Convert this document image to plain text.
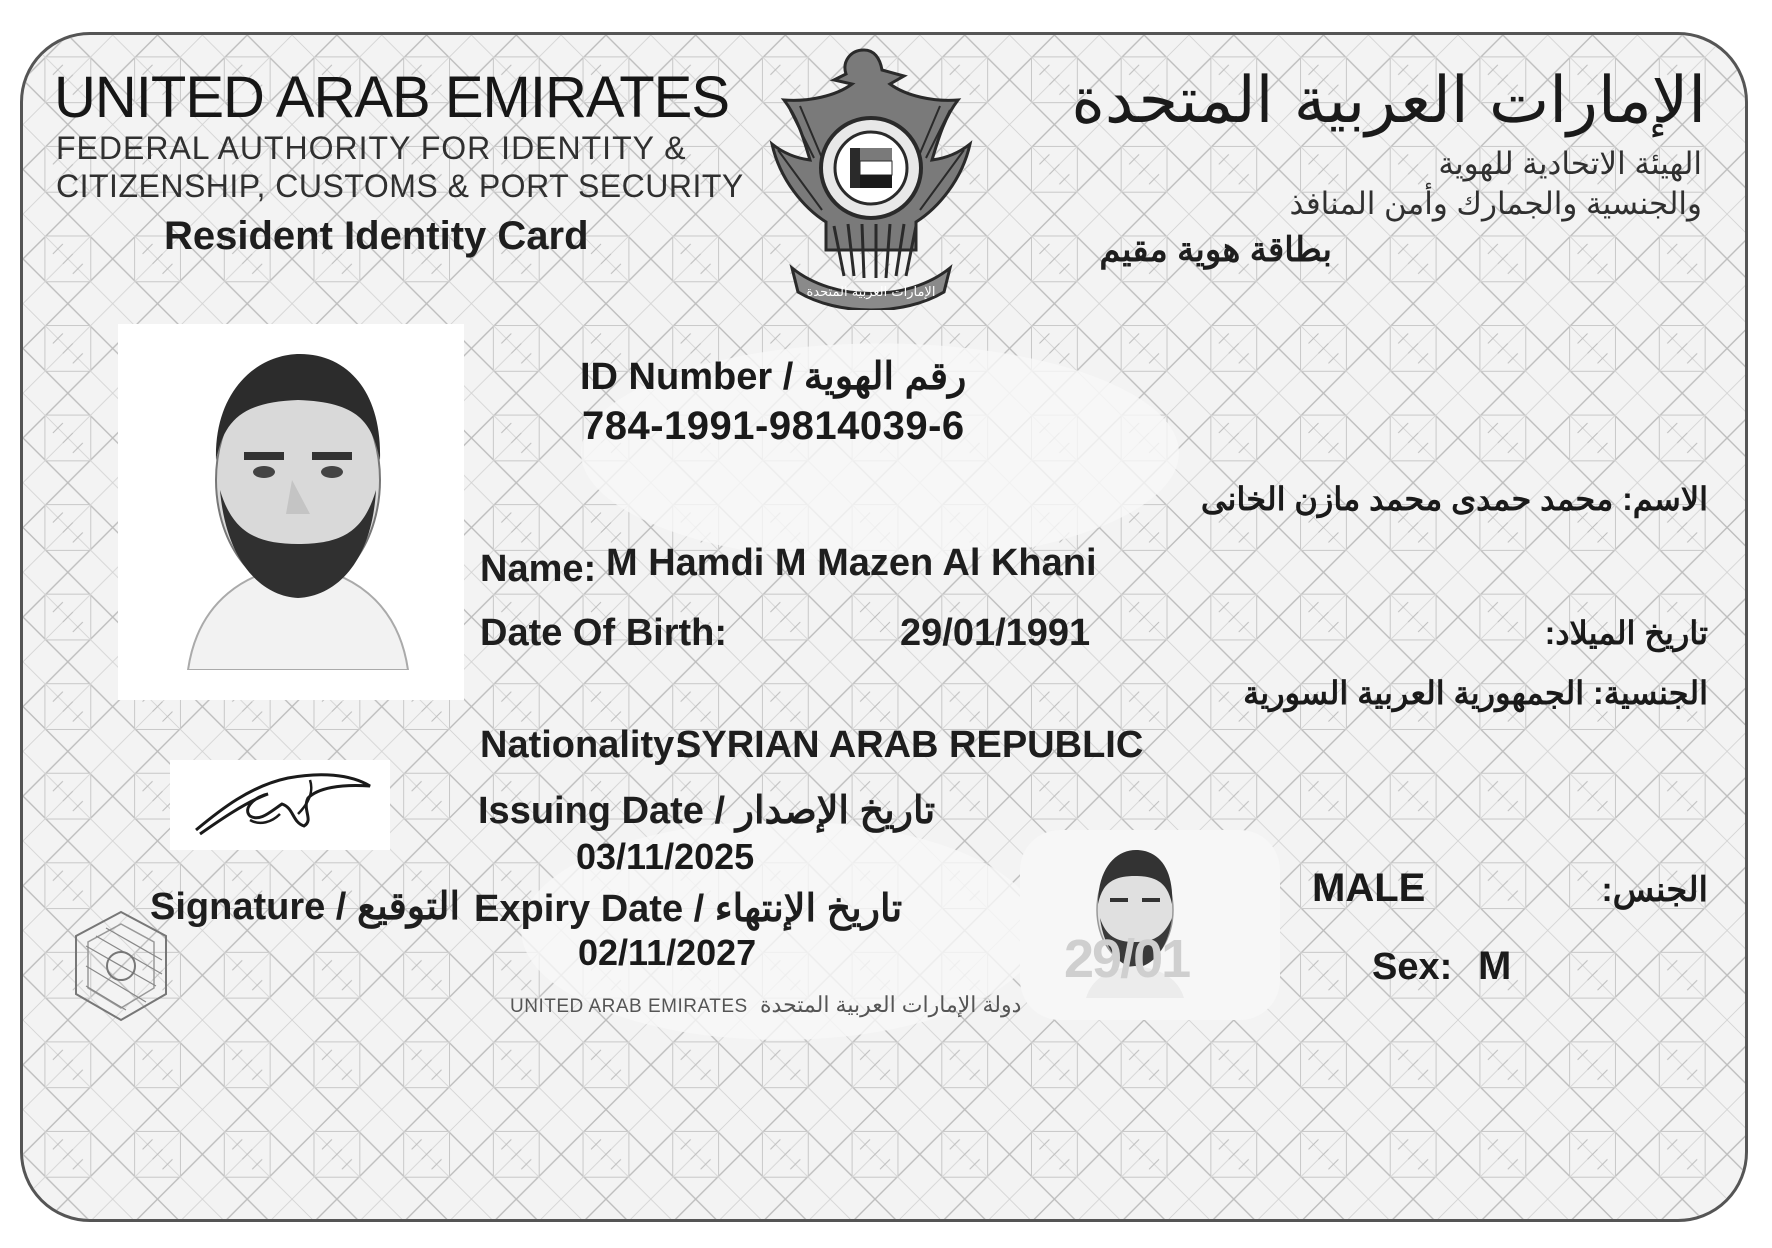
UNITED ARAB EMIRATES
FEDERAL AUTHORITY FOR IDENTITY &
CITIZENSHIP, CUSTOMS & PORT SECURITY
Resident Identity Card
الإمارات العربية المتحدة
الإمارات العربية المتحدة
الهيئة الاتحادية للهوية
والجنسية والجمارك وأمن المنافذ
بطاقة هوية مقيم
ID Number / رقم الهوية
784-1991-9814039-6
الاسم: محمد حمدى محمد مازن الخانى
Name: M Hamdi M Mazen Al Khani
Date Of Birth:	29/01/1991	تاريخ الميلاد:
الجنسية: الجمهورية العربية السورية
Nationality:
SYRIAN ARAB REPUBLIC
Issuing Date / تاريخ الإصدار
03/11/2025
Signature / التوقيع Expiry Date / تاريخ الإنتهاء
02/11/2027	29/01
الجنس:
MALE
Sex: M
UNITED ARAB EMIRATES دولة الإمارات العربية المتحدة
